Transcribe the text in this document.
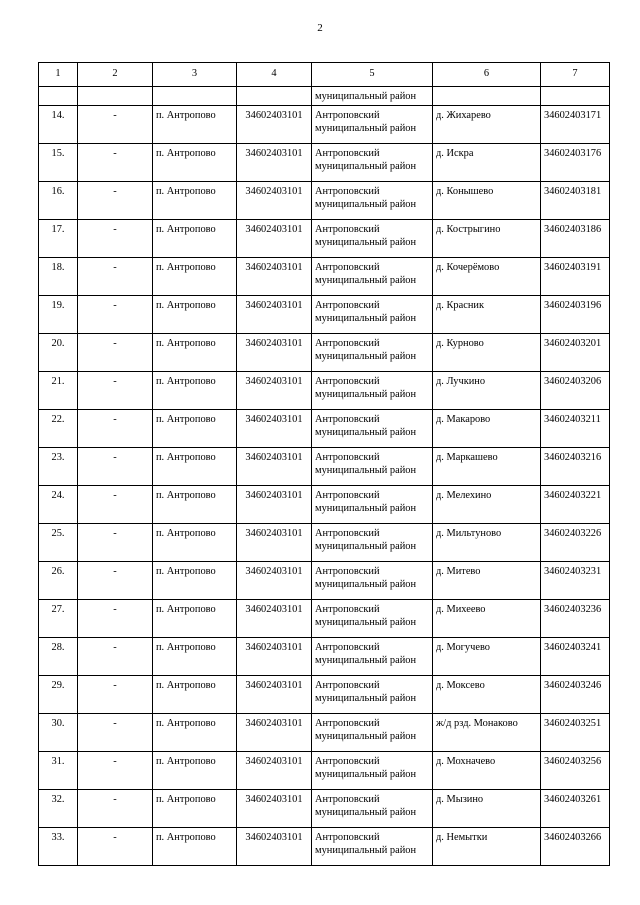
2
1	2	3	4	5	6	7
				муниципальный район		
14.	-	п. Антропово	34602403101	Антроповский
муниципальный район	д. Жихарево	34602403171
15.	-	п. Антропово	34602403101	Антроповский
муниципальный район	д. Искра	34602403176
16.	-	п. Антропово	34602403101	Антроповский
муниципальный район	д. Конышево	34602403181
17.	-	п. Антропово	34602403101	Антроповский
муниципальный район	д. Кострыгино	34602403186
18.	-	п. Антропово	34602403101	Антроповский
муниципальный район	д. Кочерёмово	34602403191
19.	-	п. Антропово	34602403101	Антроповский
муниципальный район	д. Красник	34602403196
20.	-	п. Антропово	34602403101	Антроповский
муниципальный район	д. Курново	34602403201
21.	-	п. Антропово	34602403101	Антроповский
муниципальный район	д. Лучкино	34602403206
22.	-	п. Антропово	34602403101	Антроповский
муниципальный район	д. Макарово	34602403211
23.	-	п. Антропово	34602403101	Антроповский
муниципальный район	д. Маркашево	34602403216
24.	-	п. Антропово	34602403101	Антроповский
муниципальный район	д. Мелехино	34602403221
25.	-	п. Антропово	34602403101	Антроповский
муниципальный район	д. Мильтуново	34602403226
26.	-	п. Антропово	34602403101	Антроповский
муниципальный район	д. Митево	34602403231
27.	-	п. Антропово	34602403101	Антроповский
муниципальный район	д. Михеево	34602403236
28.	-	п. Антропово	34602403101	Антроповский
муниципальный район	д. Могучево	34602403241
29.	-	п. Антропово	34602403101	Антроповский
муниципальный район	д. Моксево	34602403246
30.	-	п. Антропово	34602403101	Антроповский
муниципальный район	ж/д рзд. Монаково	34602403251
31.	-	п. Антропово	34602403101	Антроповский
муниципальный район	д. Мохначево	34602403256
32.	-	п. Антропово	34602403101	Антроповский
муниципальный район	д. Мызино	34602403261
33.	-	п. Антропово	34602403101	Антроповский
муниципальный район	д. Немытки	34602403266
